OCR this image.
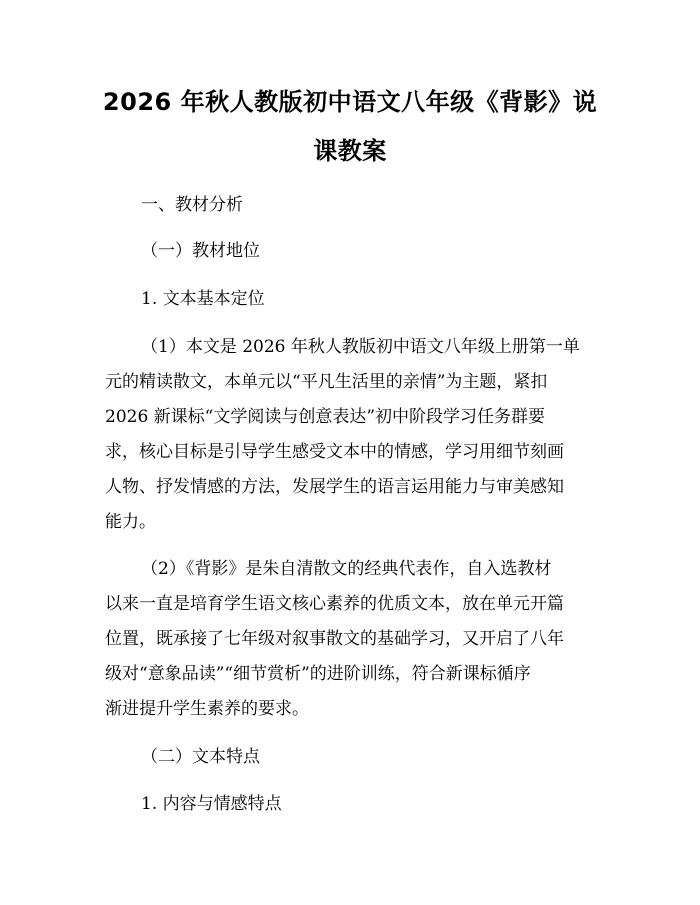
2026 年秋人教版初中语文八年级《背影》说
课教案
一、教材分析
（一）教材地位
1. 文本基本定位
（1）本文是 2026 年秋人教版初中语文八年级上册第一单
元的精读散文，本单元以“平凡生活里的亲情”为主题，紧扣
2026 新课标“文学阅读与创意表达”初中阶段学习任务群要
求，核心目标是引导学生感受文本中的情感，学习用细节刻画
人物、抒发情感的方法，发展学生的语言运用能力与审美感知
能力。
（2）《背影》是朱自清散文的经典代表作，自入选教材
以来一直是培育学生语文核心素养的优质文本，放在单元开篇
位置，既承接了七年级对叙事散文的基础学习，又开启了八年
级对“意象品读”“细节赏析”的进阶训练，符合新课标循序
渐进提升学生素养的要求。
（二）文本特点
1. 内容与情感特点
